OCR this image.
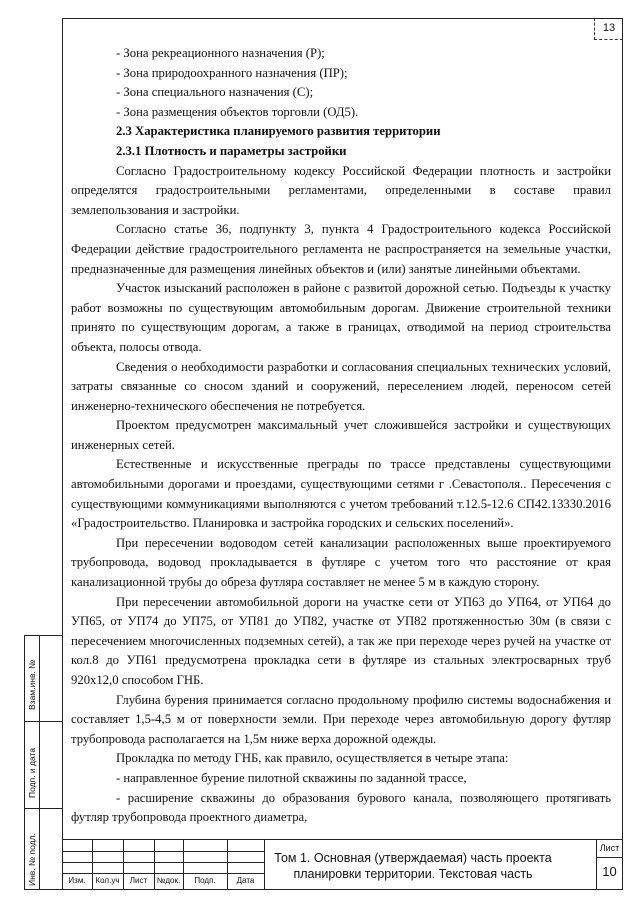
13

- Зона рекреационного назначения (Р);

- Зона природоохранного назначения (ПР);

- Зона специального назначения (С);

- Зона размещения объектов торговли (ОД5).

2.3 Характеристика планируемого развития территории

2.3.1 Плотность и параметры застройки

Согласно Градостроительному кодексу Российской Федерации плотность и застройки определятся градостроительными регламентами, определенными в составе правил землепользования и застройки.

Согласно статье 36, подпункту 3, пункта 4 Градостроительного кодекса Российской Федерации действие градостроительного регламента не распространяется на земельные участки, предназначенные для размещения линейных объектов и (или) занятые линейными объектами.

Участок изысканий расположен в районе с развитой дорожной сетью. Подъезды к участку работ возможны по существующим автомобильным дорогам. Движение строительной техники принято по существующим дорогам, а также в границах, отводимой на период строительства объекта, полосы отвода.

Сведения о необходимости разработки и согласования специальных технических условий, затраты связанные со сносом зданий и сооружений, переселением людей, переносом сетей инженерно-технического обеспечения не потребуется.

Проектом предусмотрен максимальный учет сложившейся застройки и существующих инженерных сетей.

Естественные и искусственные преграды по трассе представлены существующими автомобильными дорогами и проездами, существующими сетями г .Севастополя.. Пересечения с существующими коммуникациями выполняются с учетом требований т.12.5-12.6 СП42.13330.2016 «Градостроительство. Планировка и застройка городских и сельских поселений».

При пересечении водоводом сетей канализации расположенных выше проектируемого трубопровода, водовод прокладывается в футляре с учетом того что расстояние от края канализационной трубы до обреза футляра составляет не менее 5 м в каждую сторону.

При пересечении автомобильной дороги на участке сети от УП63 до УП64, от УП64 до УП65, от УП74 до УП75, от УП81 до УП82, участке от УП82 протяженностью 30м (в связи с пересечением многочисленных подземных сетей), а так же при переходе через ручей на участке от кол.8 до УП61 предусмотрена прокладка сети в футляре из стальных электросварных труб 920х12,0 способом ГНБ.

Глубина бурения принимается согласно продольному профилю системы водоснабжения и составляет 1,5-4,5 м от поверхности земли. При переходе через автомобильную дорогу футляр трубопровода располагается на 1,5м ниже верха дорожной одежды.

Прокладка по методу ГНБ, как правило, осуществляется в четыре этапа:

- направленное бурение пилотной скважины по заданной трассе,

- расширение скважины до образования бурового канала, позволяющего протягивать футляр трубопровода проектного диаметра,

Взам.инв. №
Подп. и дата
Инв. № подл.	Изм.	Кол.уч	Лист	№док.	Подп.	Дата
Том 1. Основная (утверждаемая) часть проекта планировки территории. Текстовая часть
Лист
10
